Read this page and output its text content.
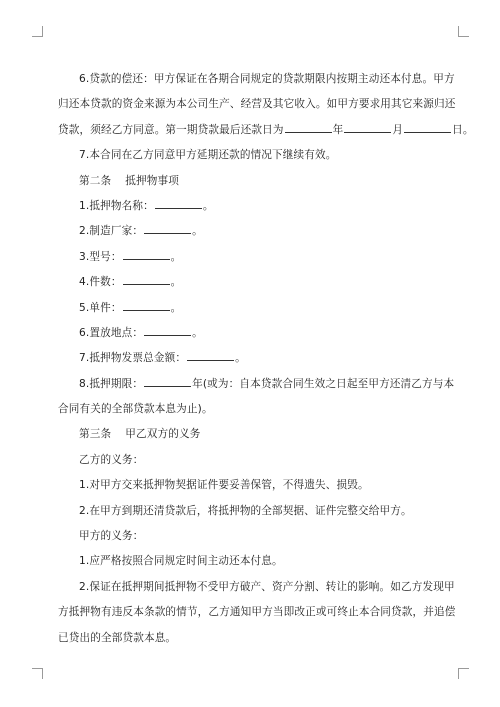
6.贷款的偿还：甲方保证在各期合同规定的贷款期限内按期主动还本付息。甲方
归还本贷款的资金来源为本公司生产、经营及其它收入。如甲方要求用其它来源归还
贷款，须经乙方同意。第一期贷款最后还款日为	年	月	日。
7.本合同在乙方同意甲方延期还款的情况下继续有效。
第二条 抵押物事项
1.抵押物名称：	。
2.制造厂家：	。
3.型号：	。
4.件数：	。
5.单件：	。
6.置放地点：	。
7.抵押物发票总金额：	。
8.抵押期限：	年(或为：自本贷款合同生效之日起至甲方还清乙方与本
合同有关的全部贷款本息为止)。
第三条 甲乙双方的义务
乙方的义务：
1.对甲方交来抵押物契据证件要妥善保管，不得遗失、损毁。
2.在甲方到期还清贷款后，将抵押物的全部契据、证件完整交给甲方。
甲方的义务：
1.应严格按照合同规定时间主动还本付息。
2.保证在抵押期间抵押物不受甲方破产、资产分割、转让的影响。如乙方发现甲
方抵押物有违反本条款的情节，乙方通知甲方当即改正或可终止本合同贷款，并追偿
已贷出的全部贷款本息。
